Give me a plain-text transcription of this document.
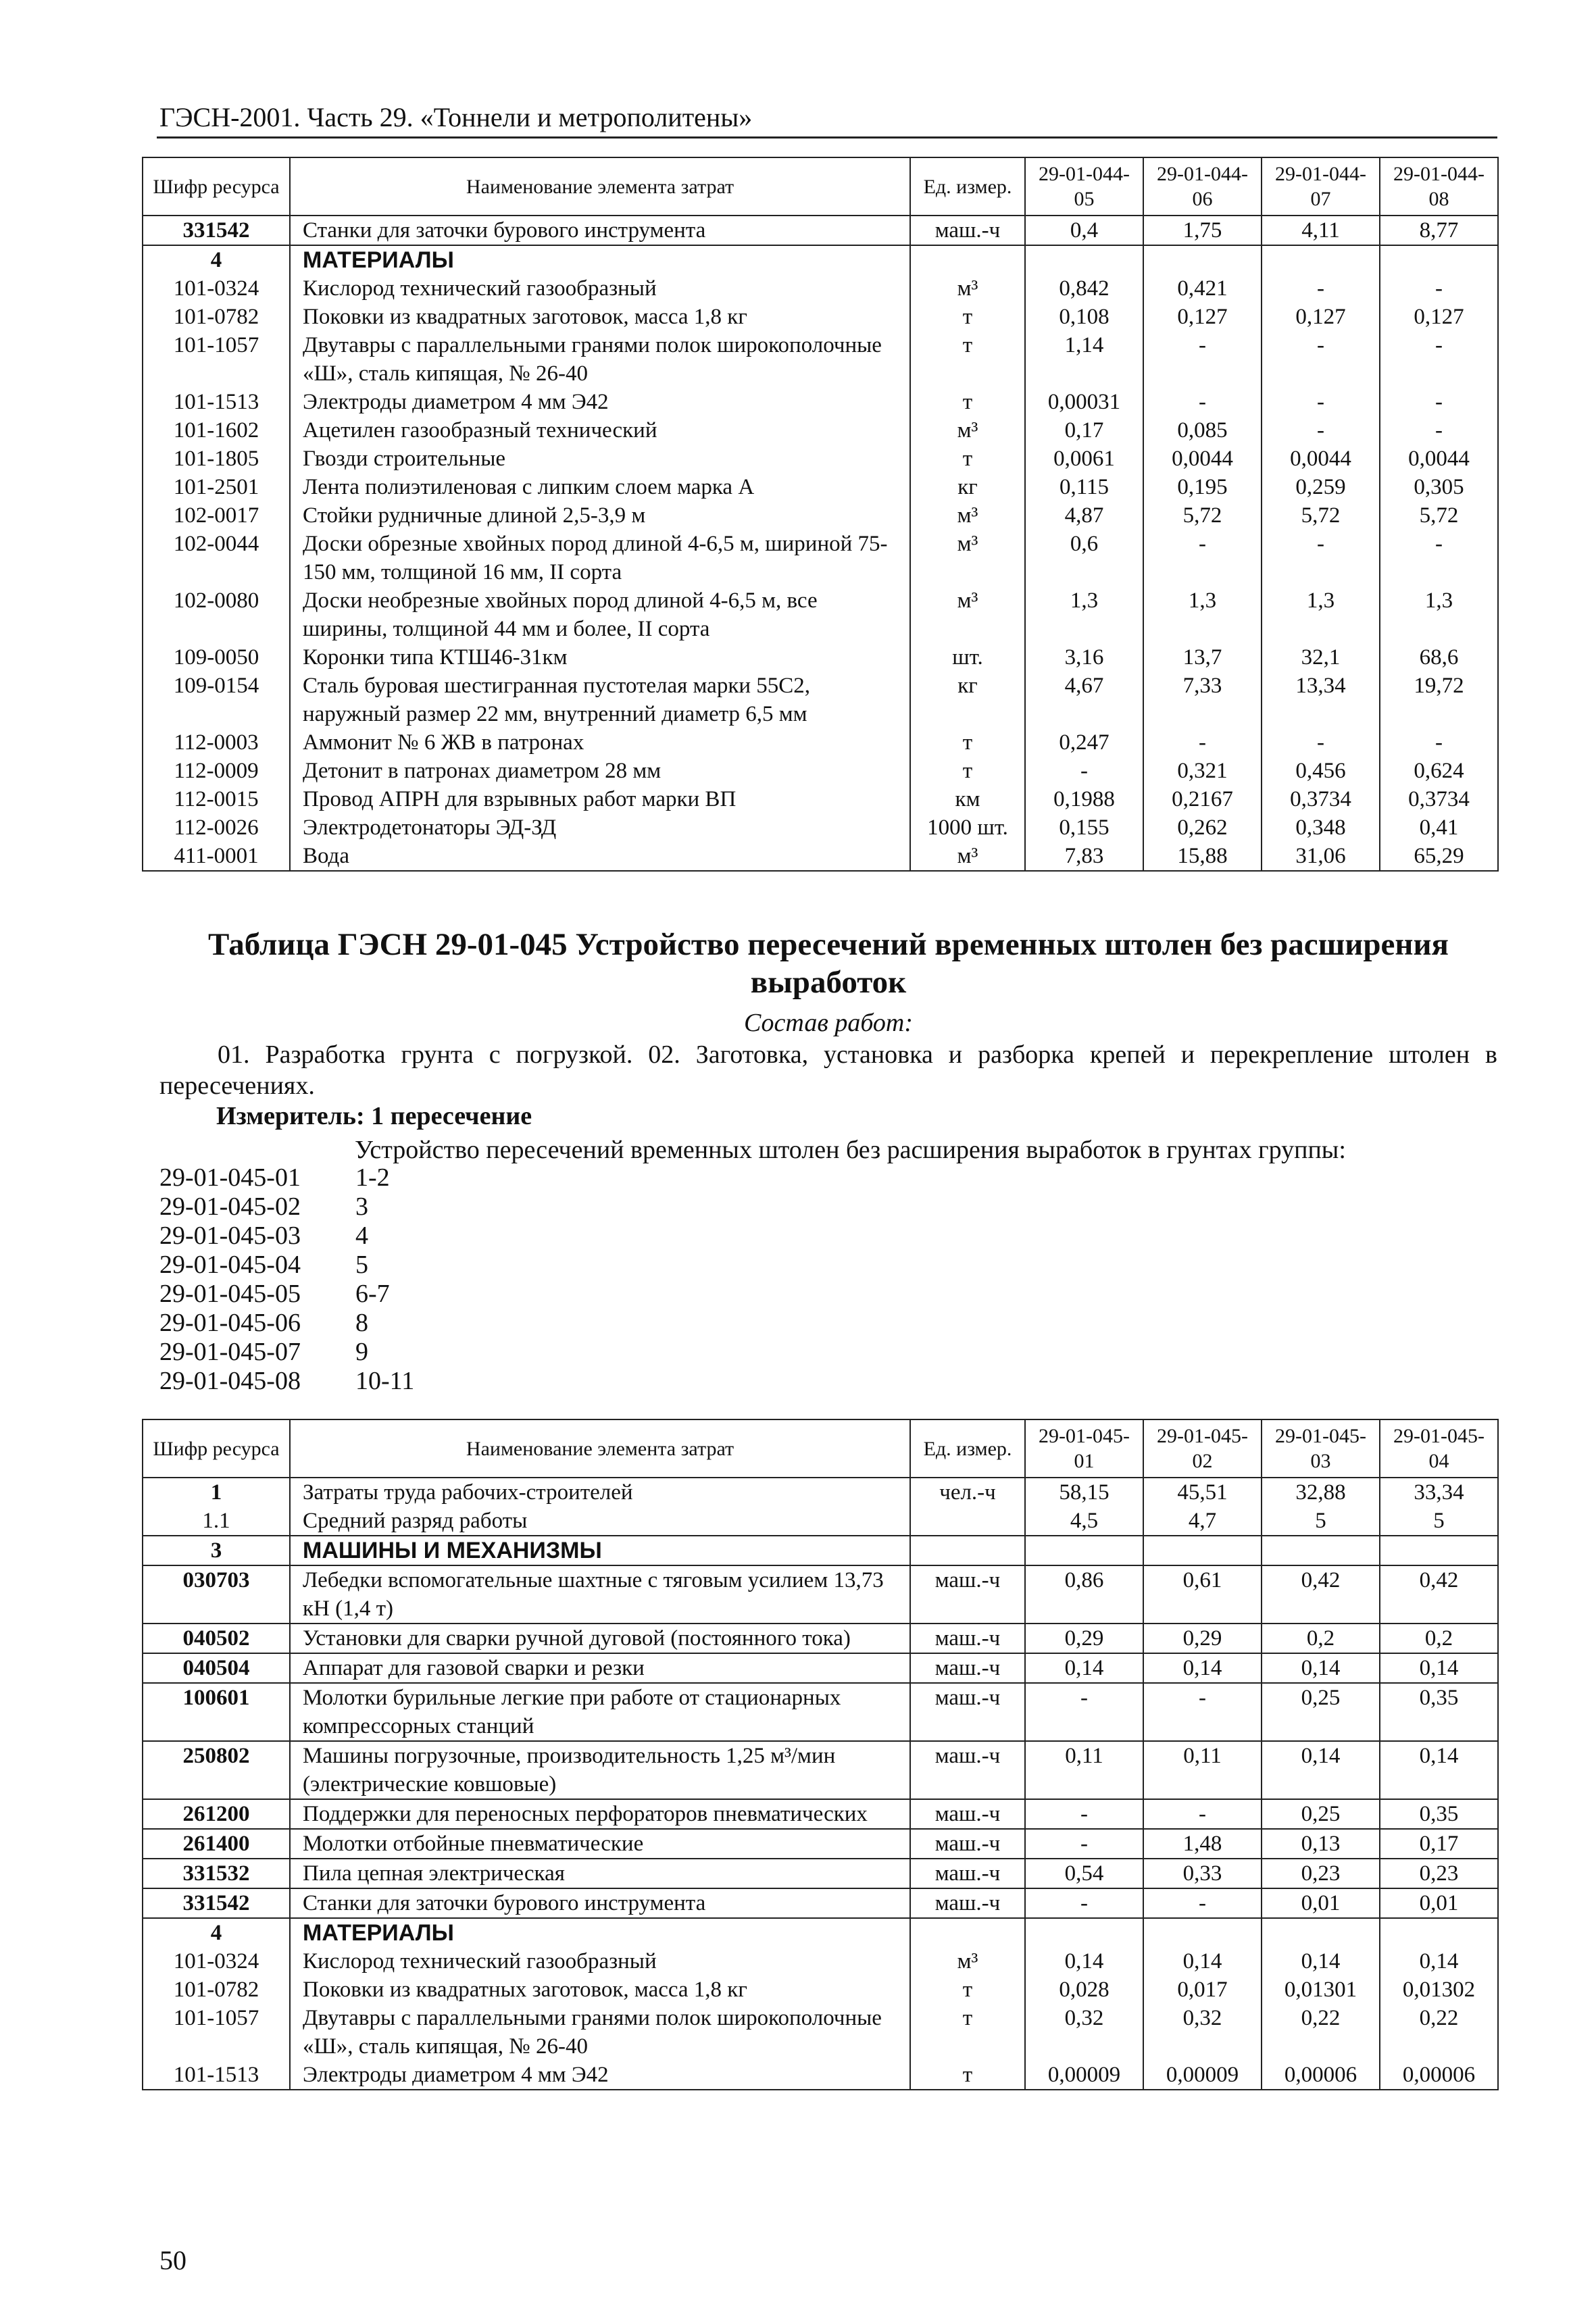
ГЭСН-2001. Часть 29. «Тоннели и метрополитены»
Шифр ресурса	Наименование элемента затрат	Ед. измер.	29-01-044-05	29-01-044-06	29-01-044-07	29-01-044-08
331542	Станки для заточки бурового инструмента	маш.-ч	0,4	1,75	4,11	8,77
4	МАТЕРИАЛЫ					
101-0324	Кислород технический газообразный	м³	0,842	0,421	-	-
101-0782	Поковки из квадратных заготовок, масса 1,8 кг	т	0,108	0,127	0,127	0,127
101-1057	Двутавры с параллельными гранями полок широкополочные «Ш», сталь кипящая, № 26-40	т	1,14	-	-	-
101-1513	Электроды диаметром 4 мм Э42	т	0,00031	-	-	-
101-1602	Ацетилен газообразный технический	м³	0,17	0,085	-	-
101-1805	Гвозди строительные	т	0,0061	0,0044	0,0044	0,0044
101-2501	Лента полиэтиленовая с липким слоем марка А	кг	0,115	0,195	0,259	0,305
102-0017	Стойки рудничные длиной 2,5-3,9 м	м³	4,87	5,72	5,72	5,72
102-0044	Доски обрезные хвойных пород длиной 4-6,5 м, шириной 75-150 мм, толщиной 16 мм, II сорта	м³	0,6	-	-	-
102-0080	Доски необрезные хвойных пород длиной 4-6,5 м, все ширины, толщиной 44 мм и более, II сорта	м³	1,3	1,3	1,3	1,3
109-0050	Коронки типа КТШ46-31км	шт.	3,16	13,7	32,1	68,6
109-0154	Сталь буровая шестигранная пустотелая марки 55С2, наружный размер 22 мм, внутренний диаметр 6,5 мм	кг	4,67	7,33	13,34	19,72
112-0003	Аммонит № 6 ЖВ в патронах	т	0,247	-	-	-
112-0009	Детонит в патронах диаметром 28 мм	т	-	0,321	0,456	0,624
112-0015	Провод АПРН для взрывных работ марки ВП	км	0,1988	0,2167	0,3734	0,3734
112-0026	Электродетонаторы ЭД-ЗД	1000 шт.	0,155	0,262	0,348	0,41
411-0001	Вода	м³	7,83	15,88	31,06	65,29
Таблица ГЭСН 29-01-045 Устройство пересечений временных штолен без расширения выработок
Состав работ:
01. Разработка грунта с погрузкой. 02. Заготовка, установка и разборка крепей и перекрепление штолен в пересечениях.
Измеритель: 1 пересечение
Устройство пересечений временных штолен без расширения выработок в грунтах группы:
29-01-045-01	1-2
29-01-045-02	3
29-01-045-03	4
29-01-045-04	5
29-01-045-05	6-7
29-01-045-06	8
29-01-045-07	9
29-01-045-08	10-11
Шифр ресурса	Наименование элемента затрат	Ед. измер.	29-01-045-01	29-01-045-02	29-01-045-03	29-01-045-04
1	Затраты труда рабочих-строителей	чел.-ч	58,15	45,51	32,88	33,34
1.1	Средний разряд работы		4,5	4,7	5	5
3	МАШИНЫ И МЕХАНИЗМЫ					
030703	Лебедки вспомогательные шахтные с тяговым усилием 13,73 кН (1,4 т)	маш.-ч	0,86	0,61	0,42	0,42
040502	Установки для сварки ручной дуговой (постоянного тока)	маш.-ч	0,29	0,29	0,2	0,2
040504	Аппарат для газовой сварки и резки	маш.-ч	0,14	0,14	0,14	0,14
100601	Молотки бурильные легкие при работе от стационарных компрессорных станций	маш.-ч	-	-	0,25	0,35
250802	Машины погрузочные, производительность 1,25 м³/мин (электрические ковшовые)	маш.-ч	0,11	0,11	0,14	0,14
261200	Поддержки для переносных перфораторов пневматических	маш.-ч	-	-	0,25	0,35
261400	Молотки отбойные пневматические	маш.-ч	-	1,48	0,13	0,17
331532	Пила цепная электрическая	маш.-ч	0,54	0,33	0,23	0,23
331542	Станки для заточки бурового инструмента	маш.-ч	-	-	0,01	0,01
4	МАТЕРИАЛЫ					
101-0324	Кислород технический газообразный	м³	0,14	0,14	0,14	0,14
101-0782	Поковки из квадратных заготовок, масса 1,8 кг	т	0,028	0,017	0,01301	0,01302
101-1057	Двутавры с параллельными гранями полок широкополочные «Ш», сталь кипящая, № 26-40	т	0,32	0,32	0,22	0,22
101-1513	Электроды диаметром 4 мм Э42	т	0,00009	0,00009	0,00006	0,00006
50
